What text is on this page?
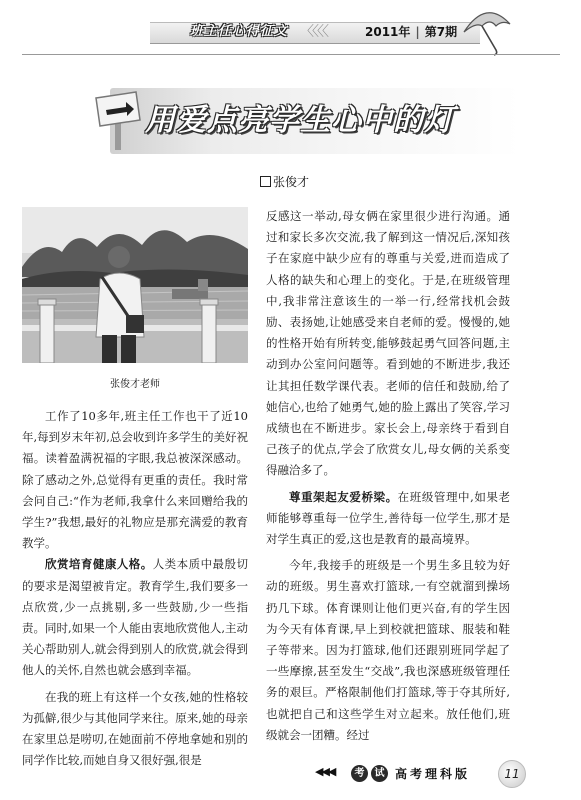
班主任心得征文 〈〈〈〈	2011年 | 第7期
用爱点亮学生心中的灯
张俊才
张俊才老师

工作了10多年,班主任工作也干了近10年,每到岁末年初,总会收到许多学生的美好祝福。读着盈满祝福的字眼,我总被深深感动。除了感动之外,总觉得有更重的责任。我时常会问自己:“作为老师,我拿什么来回赠给我的学生?”我想,最好的礼物应是那充满爱的教育教学。

欣赏培育健康人格。人类本质中最殷切的要求是渴望被肯定。教育学生,我们要多一点欣赏,少一点挑剔,多一些鼓励,少一些指责。同时,如果一个人能由衷地欣赏他人,主动关心帮助别人,就会得到别人的欣赏,就会得到他人的关怀,自然也就会感到幸福。

在我的班上有这样一个女孩,她的性格较为孤僻,很少与其他同学来往。原来,她的母亲在家里总是唠叨,在她面前不停地拿她和别的同学作比较,而她自身又很好强,很是

反感这一举动,母女俩在家里很少进行沟通。通过和家长多次交流,我了解到这一情况后,深知孩子在家庭中缺少应有的尊重与关爱,进而造成了人格的缺失和心理上的变化。于是,在班级管理中,我非常注意该生的一举一行,经常找机会鼓励、表扬她,让她感受来自老师的爱。慢慢的,她的性格开始有所转变,能够鼓起勇气回答问题,主动到办公室问问题等。看到她的不断进步,我还让其担任数学课代表。老师的信任和鼓励,给了她信心,也给了她勇气,她的脸上露出了笑容,学习成绩也在不断进步。家长会上,母亲终于看到自己孩子的优点,学会了欣赏女儿,母女俩的关系变得融洽多了。

尊重架起友爱桥梁。在班级管理中,如果老师能够尊重每一位学生,善待每一位学生,那才是对学生真正的爱,这也是教育的最高境界。

今年,我接手的班级是一个男生多且较为好动的班级。男生喜欢打篮球,一有空就溜到操场扔几下球。体育课则让他们更兴奋,有的学生因为今天有体育课,早上到校就把篮球、服装和鞋子等带来。因为打篮球,他们还跟别班同学起了一些摩擦,甚至发生“交战”,我也深感班级管理任务的艰巨。严格限制他们打篮球,等于夺其所好,也就把自己和这些学生对立起来。放任他们,班级就会一团糟。经过

◀◀◀	考	试 高考理科版	11
